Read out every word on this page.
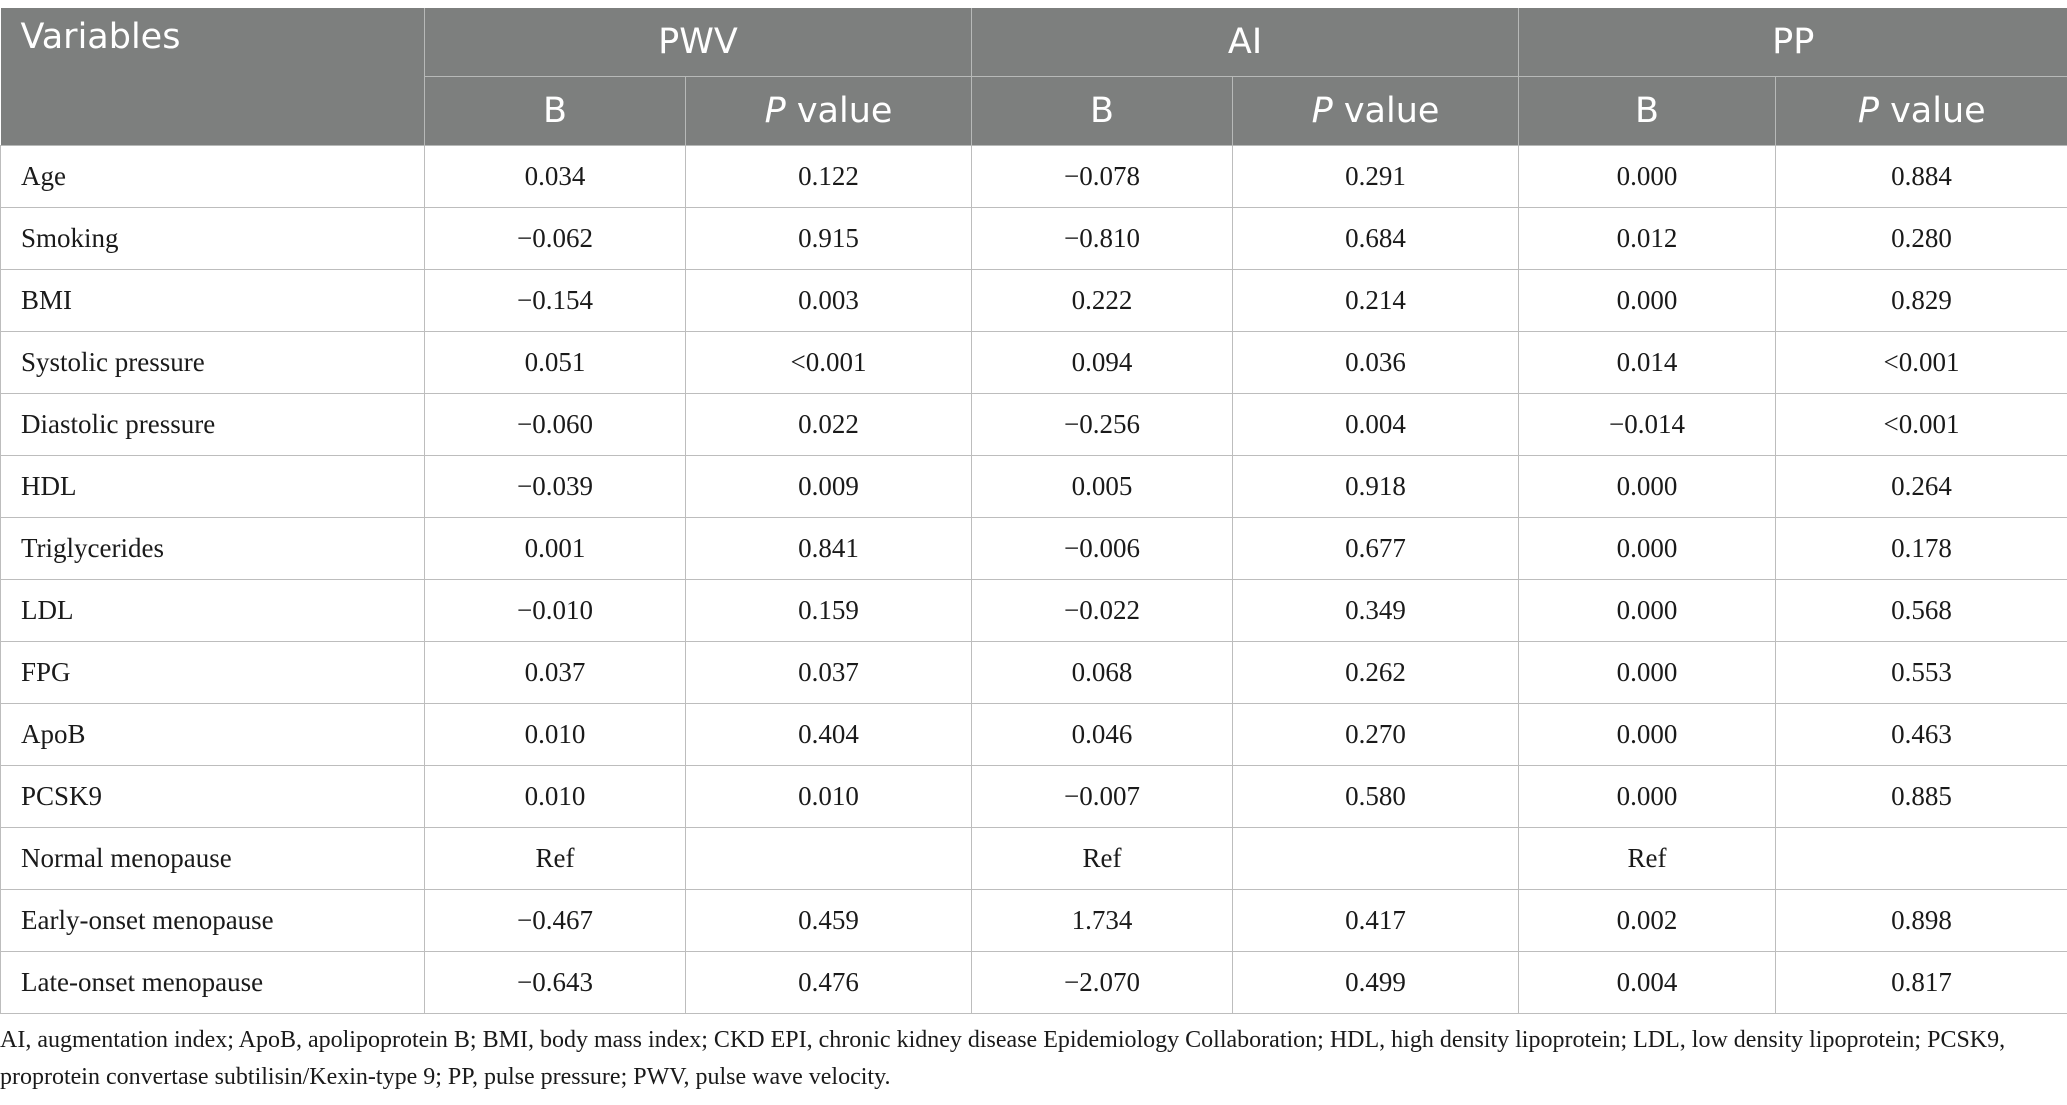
Variables	PWV		AI		PP	
	B	P value	B	P value	B	P value
Age	0.034	0.122	−0.078	0.291	0.000	0.884
Smoking	−0.062	0.915	−0.810	0.684	0.012	0.280
BMI	−0.154	0.003	0.222	0.214	0.000	0.829
Systolic pressure	0.051	<0.001	0.094	0.036	0.014	<0.001
Diastolic pressure	−0.060	0.022	−0.256	0.004	−0.014	<0.001
HDL	−0.039	0.009	0.005	0.918	0.000	0.264
Triglycerides	0.001	0.841	−0.006	0.677	0.000	0.178
LDL	−0.010	0.159	−0.022	0.349	0.000	0.568
FPG	0.037	0.037	0.068	0.262	0.000	0.553
ApoB	0.010	0.404	0.046	0.270	0.000	0.463
PCSK9	0.010	0.010	−0.007	0.580	0.000	0.885
Normal menopause	Ref		Ref		Ref	
Early-onset menopause	−0.467	0.459	1.734	0.417	0.002	0.898
Late-onset menopause	−0.643	0.476	−2.070	0.499	0.004	0.817

AI, augmentation index; ApoB, apolipoprotein B; BMI, body mass index; CKD EPI, chronic kidney disease Epidemiology Collaboration; HDL, high density lipoprotein; LDL, low density lipoprotein; PCSK9, proprotein convertase subtilisin/Kexin-type 9; PP, pulse pressure; PWV, pulse wave velocity.
